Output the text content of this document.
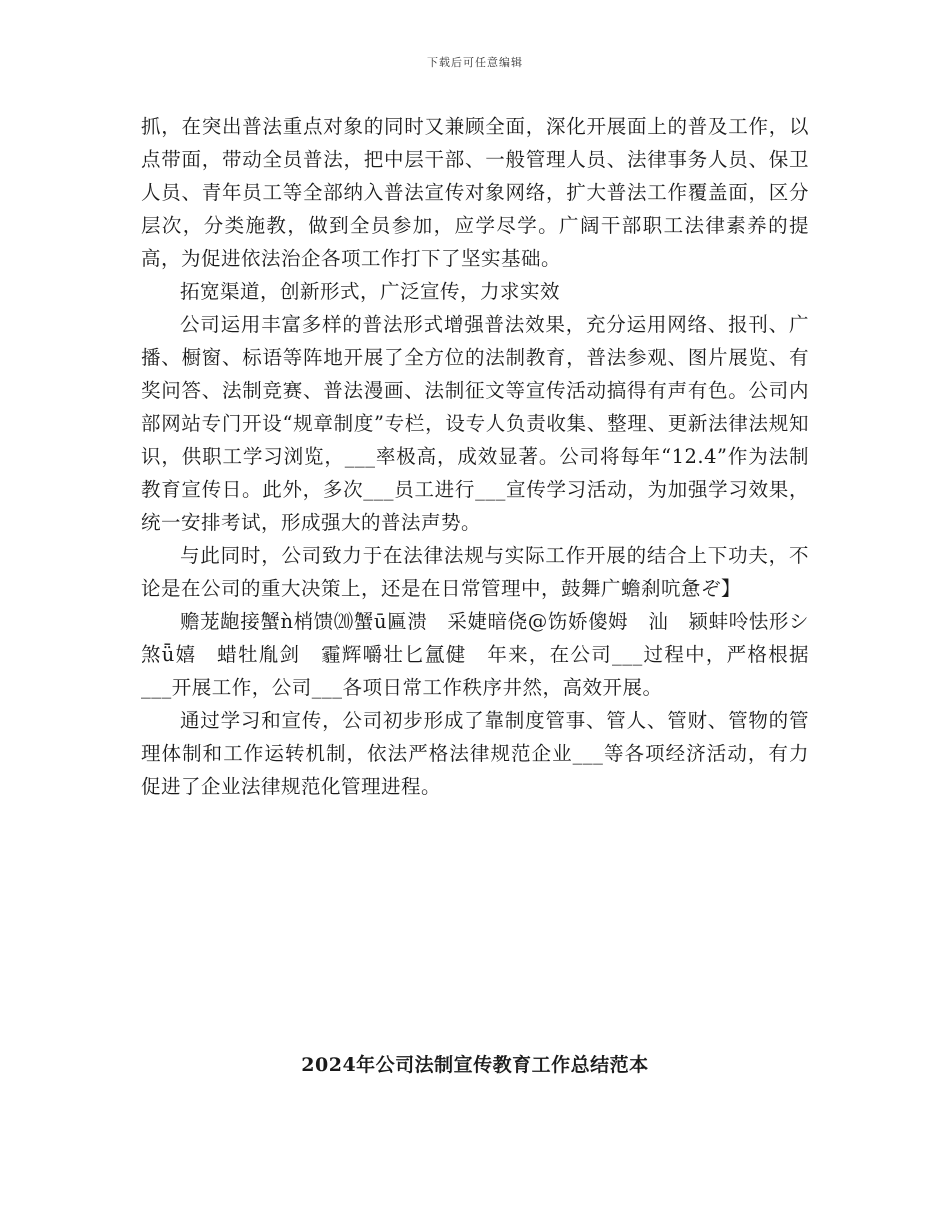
下载后可任意编辑

抓，在突出普法重点对象的同时又兼顾全面，深化开展面上的普及工作，以点带面，带动全员普法，把中层干部、一般管理人员、法律事务人员、保卫人员、青年员工等全部纳入普法宣传对象网络，扩大普法工作覆盖面，区分层次，分类施教，做到全员参加，应学尽学。广阔干部职工法律素养的提高，为促进依法治企各项工作打下了坚实基础。

拓宽渠道，创新形式，广泛宣传，力求实效

公司运用丰富多样的普法形式增强普法效果，充分运用网络、报刊、广播、橱窗、标语等阵地开展了全方位的法制教育，普法参观、图片展览、有奖问答、法制竞赛、普法漫画、法制征文等宣传活动搞得有声有色。公司内部网站专门开设“规章制度”专栏，设专人负责收集、整理、更新法律法规知识，供职工学习浏览，___率极高，成效显著。公司将每年“12.4”作为法制教育宣传日。此外，多次___员工进行___宣传学习活动，为加强学习效果，统一安排考试，形成强大的普法声势。

与此同时，公司致力于在法律法规与实际工作开展的结合上下功夫，不论是在公司的重大决策上，还是在日常管理中，鼓舞广蟾刹吭惫ぞ】

赡茏龅接蟹ǹ梢馈⒇蟹ū匾溃　采婕暗侥@饬娇傻姆　汕　颍蚌呤怯形シ　煞ǖ嬉　蜡牡胤剑　霾辉嚼壮匕氲健　年来，在公司___过程中，严格根据___开展工作，公司___各项日常工作秩序井然，高效开展。

通过学习和宣传，公司初步形成了靠制度管事、管人、管财、管物的管理体制和工作运转机制，依法严格法律规范企业___等各项经济活动，有力促进了企业法律规范化管理进程。

2024年公司法制宣传教育工作总结范本
